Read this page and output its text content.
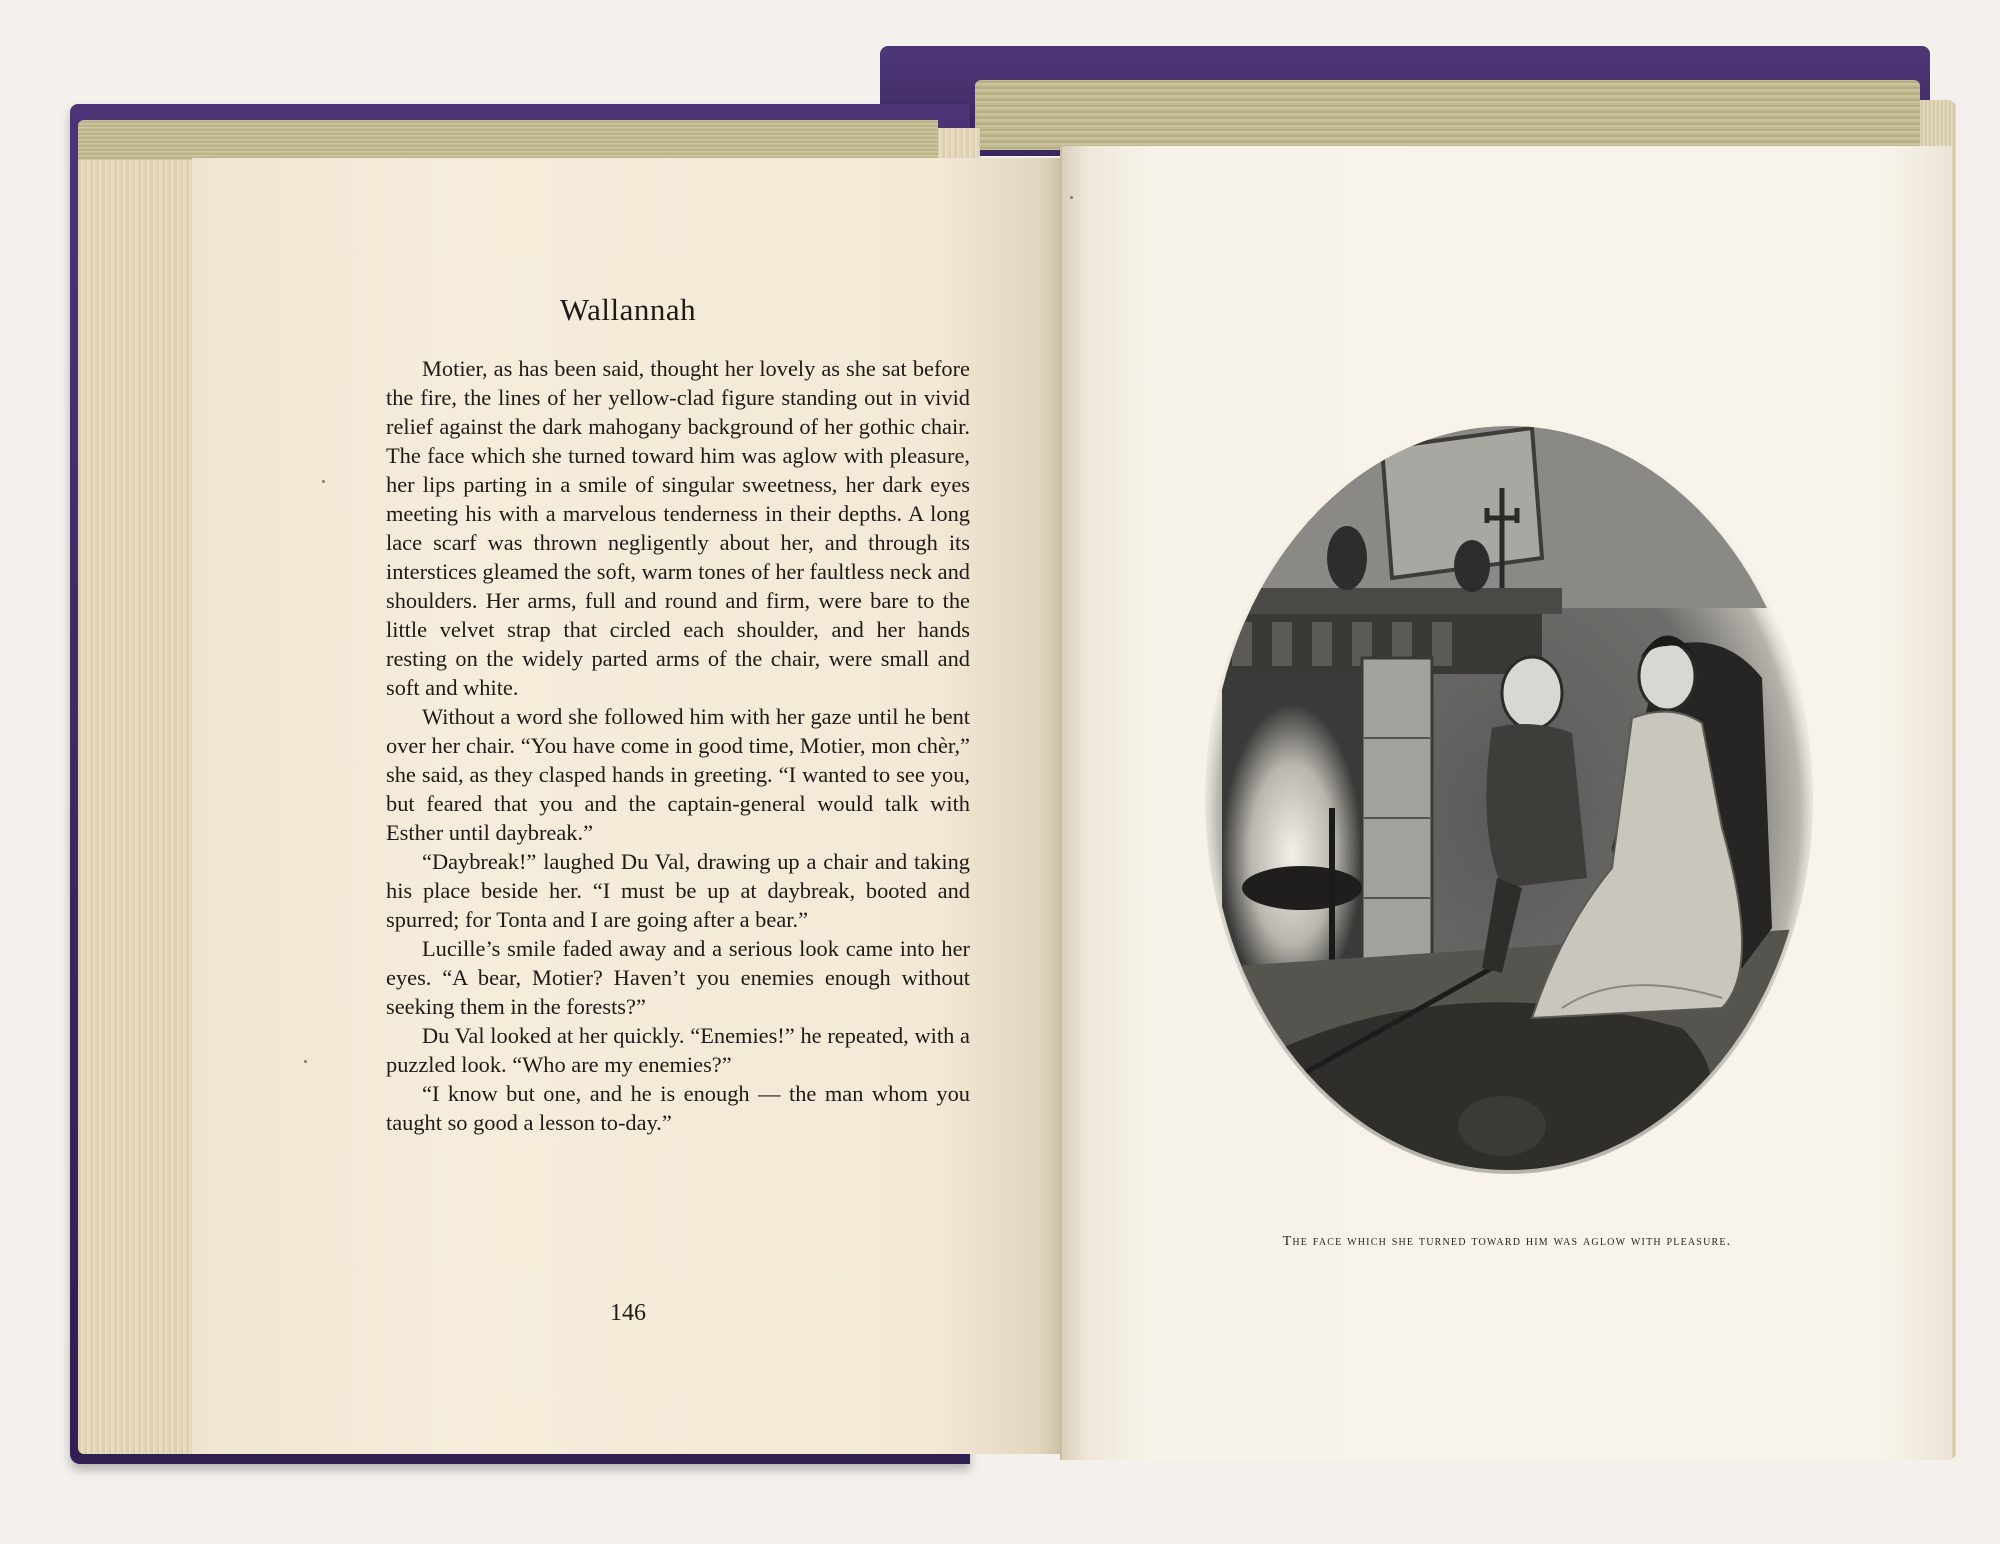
Wallannah

Motier, as has been said, thought her lovely as she sat before the fire, the lines of her yellow-clad figure standing out in vivid relief against the dark mahogany background of her gothic chair. The face which she turned toward him was aglow with pleasure, her lips parting in a smile of singular sweetness, her dark eyes meeting his with a marvelous tenderness in their depths. A long lace scarf was thrown negligently about her, and through its interstices gleamed the soft, warm tones of her faultless neck and shoulders. Her arms, full and round and firm, were bare to the little velvet strap that circled each shoulder, and her hands resting on the widely parted arms of the chair, were small and soft and white.

Without a word she followed him with her gaze until he bent over her chair. “You have come in good time, Motier, mon chèr,” she said, as they clasped hands in greeting. “I wanted to see you, but feared that you and the captain-general would talk with Esther until daybreak.”

“Daybreak!” laughed Du Val, drawing up a chair and taking his place beside her. “I must be up at daybreak, booted and spurred; for Tonta and I are going after a bear.”

Lucille’s smile faded away and a serious look came into her eyes. “A bear, Motier? Haven’t you enemies enough without seeking them in the forests?”

Du Val looked at her quickly. “Enemies!” he repeated, with a puzzled look. “Who are my enemies?”

“I know but one, and he is enough — the man whom you taught so good a lesson to-day.”

146
The face which she turned toward him was aglow with pleasure.
